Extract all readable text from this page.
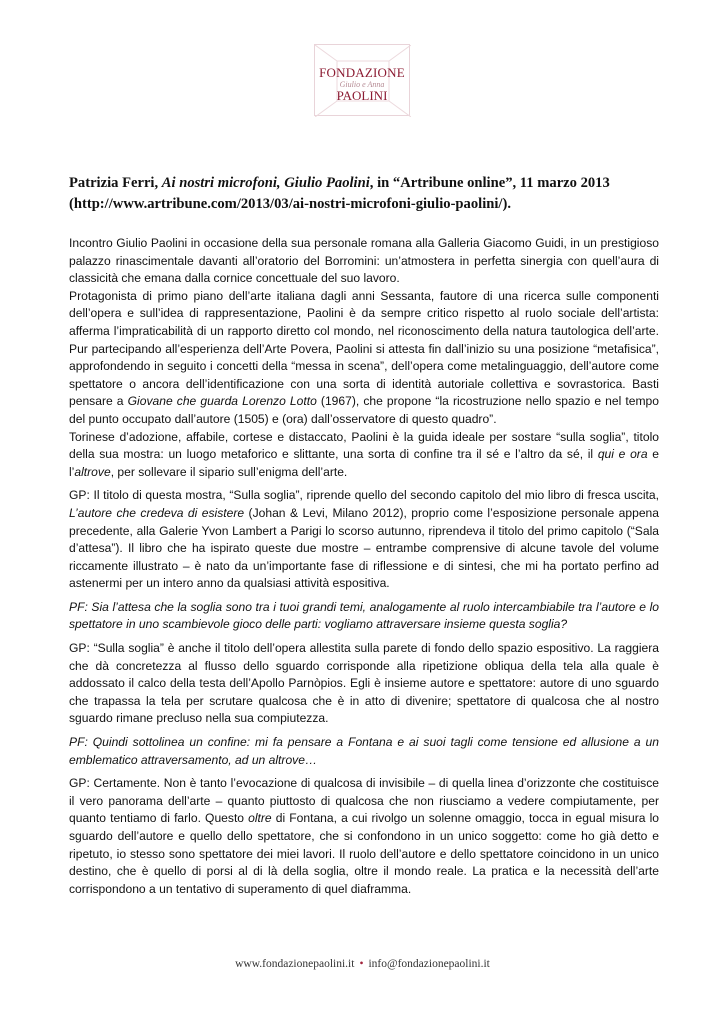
FONDAZIONE
Giulio e Anna
PAOLINI
Patrizia Ferri, Ai nostri microfoni, Giulio Paolini, in “Artribune online”, 11 marzo 2013 (http://www.artribune.com/2013/03/ai-nostri-microfoni-giulio-paolini/).

Incontro Giulio Paolini in occasione della sua personale romana alla Galleria Giacomo Guidi, in un prestigioso palazzo rinascimentale davanti all’oratorio del Borromini: un’atmostera in perfetta sinergia con quell’aura di classicità che emana dalla cornice concettuale del suo lavoro.

Protagonista di primo piano dell’arte italiana dagli anni Sessanta, fautore di una ricerca sulle componenti dell’opera e sull’idea di rappresentazione, Paolini è da sempre critico rispetto al ruolo sociale dell’artista: afferma l’impraticabilità di un rapporto diretto col mondo, nel riconoscimento della natura tautologica dell’arte. Pur partecipando all’esperienza dell’Arte Povera, Paolini si attesta fin dall’inizio su una posizione “metafisica”, approfondendo in seguito i concetti della “messa in scena”, dell’opera come metalinguaggio, dell’autore come spettatore o ancora dell’identificazione con una sorta di identità autoriale collettiva e sovrastorica. Basti pensare a Giovane che guarda Lorenzo Lotto (1967), che propone “la ricostruzione nello spazio e nel tempo del punto occupato dall’autore (1505) e (ora) dall’osservatore di questo quadro”.

Torinese d’adozione, affabile, cortese e distaccato, Paolini è la guida ideale per sostare “sulla soglia”, titolo della sua mostra: un luogo metaforico e slittante, una sorta di confine tra il sé e l’altro da sé, il qui e ora e l’altrove, per sollevare il sipario sull’enigma dell’arte.

GP: Il titolo di questa mostra, “Sulla soglia”, riprende quello del secondo capitolo del mio libro di fresca uscita, L’autore che credeva di esistere (Johan & Levi, Milano 2012), proprio come l’esposizione personale appena precedente, alla Galerie Yvon Lambert a Parigi lo scorso autunno, riprendeva il titolo del primo capitolo (“Sala d’attesa”). Il libro che ha ispirato queste due mostre – entrambe comprensive di alcune tavole del volume riccamente illustrato – è nato da un’importante fase di riflessione e di sintesi, che mi ha portato perfino ad astenermi per un intero anno da qualsiasi attività espositiva.

PF: Sia l’attesa che la soglia sono tra i tuoi grandi temi, analogamente al ruolo intercambiabile tra l’autore e lo spettatore in uno scambievole gioco delle parti: vogliamo attraversare insieme questa soglia?

GP: “Sulla soglia” è anche il titolo dell’opera allestita sulla parete di fondo dello spazio espositivo. La raggiera che dà concretezza al flusso dello sguardo corrisponde alla ripetizione obliqua della tela alla quale è addossato il calco della testa dell’Apollo Parnòpios. Egli è insieme autore e spettatore: autore di uno sguardo che trapassa la tela per scrutare qualcosa che è in atto di divenire; spettatore di qualcosa che al nostro sguardo rimane precluso nella sua compiutezza.

PF: Quindi sottolinea un confine: mi fa pensare a Fontana e ai suoi tagli come tensione ed allusione a un emblematico attraversamento, ad un altrove…

GP: Certamente. Non è tanto l’evocazione di qualcosa di invisibile – di quella linea d’orizzonte che costituisce il vero panorama dell’arte – quanto piuttosto di qualcosa che non riusciamo a vedere compiutamente, per quanto tentiamo di farlo. Questo oltre di Fontana, a cui rivolgo un solenne omaggio, tocca in egual misura lo sguardo dell’autore e quello dello spettatore, che si confondono in un unico soggetto: come ho già detto e ripetuto, io stesso sono spettatore dei miei lavori. Il ruolo dell’autore e dello spettatore coincidono in un unico destino, che è quello di porsi al di là della soglia, oltre il mondo reale. La pratica e la necessità dell’arte corrispondono a un tentativo di superamento di quel diaframma.

www.fondazionepaolini.it • info@fondazionepaolini.it
